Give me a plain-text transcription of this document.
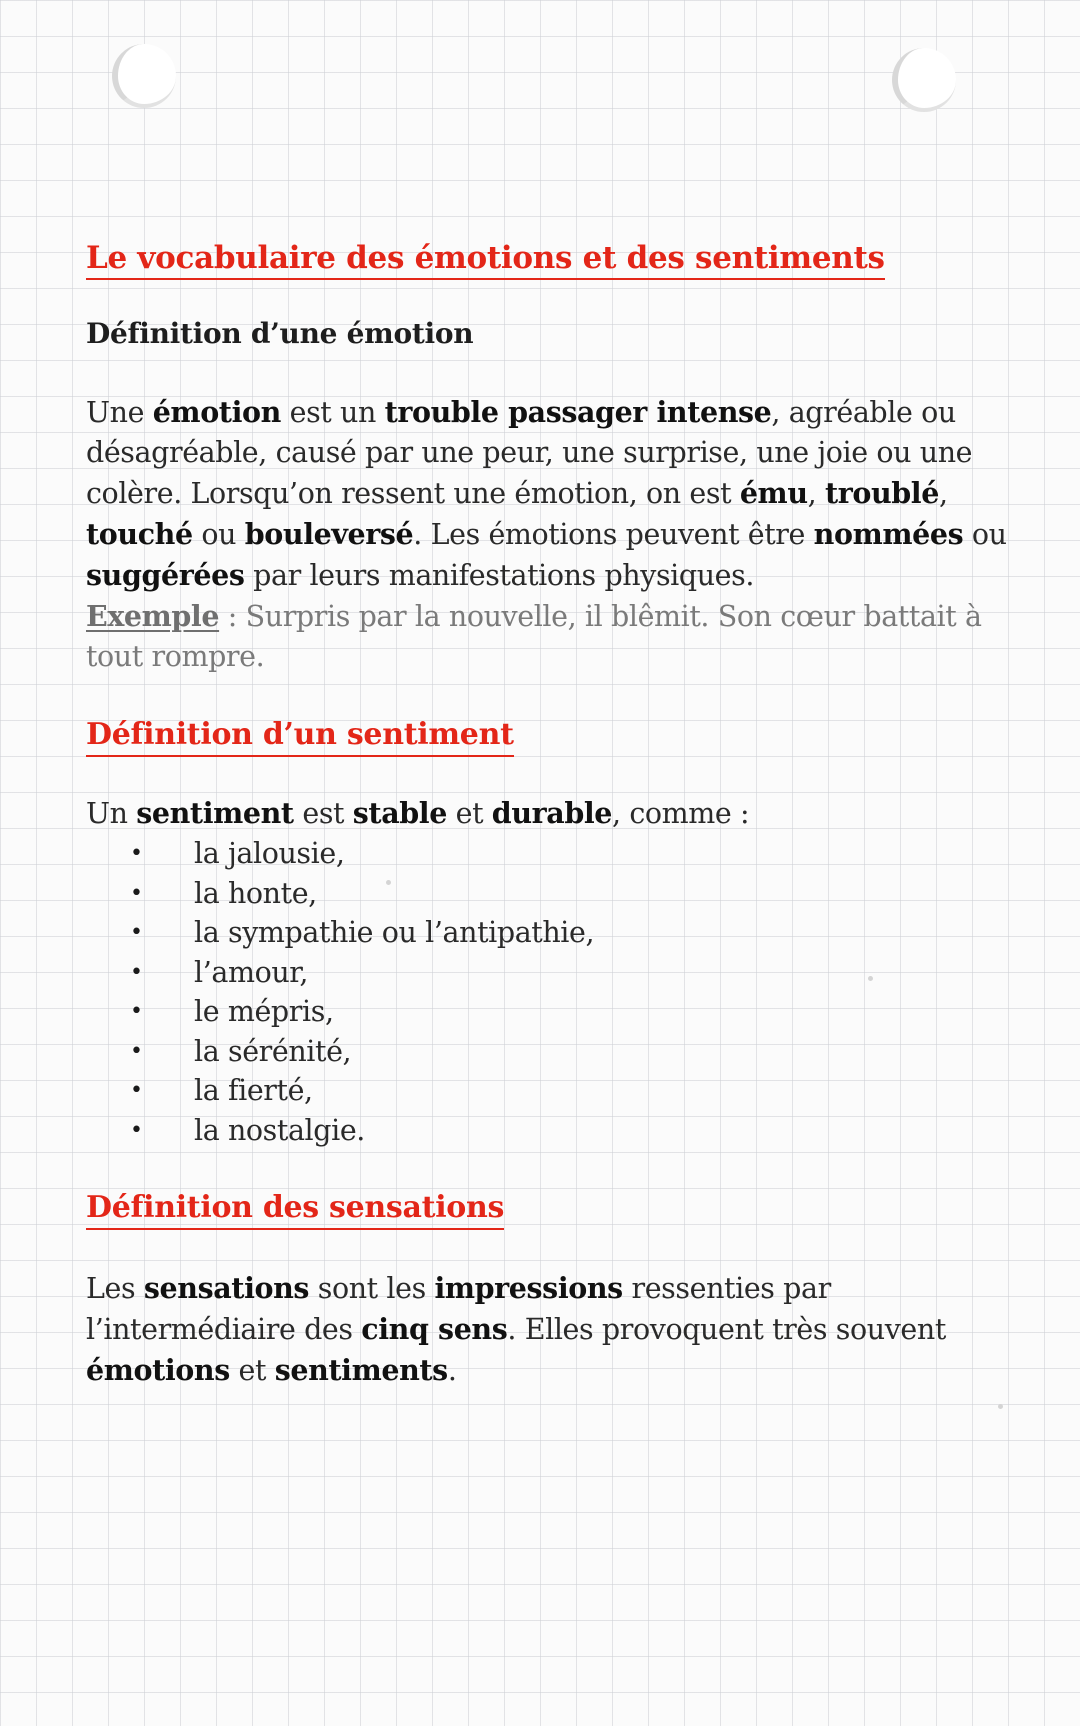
Le vocabulaire des émotions et des sentiments
Définition d’une émotion

Une émotion est un trouble passager intense, agréable ou désagréable, causé par une peur, une surprise, une joie ou une colère. Lorsqu’on ressent une émotion, on est ému, troublé, touché ou bouleversé. Les émotions peuvent être nommées ou suggérées par leurs manifestations physiques.

Exemple : Surpris par la nouvelle, il blêmit. Son cœur battait à tout rompre.

Définition d’un sentiment

Un sentiment est stable et durable, comme :

• la jalousie,
• la honte,
• la sympathie ou l’antipathie,
• l’amour,
• le mépris,
• la sérénité,
• la fierté,
• la nostalgie.
Définition des sensations

Les sensations sont les impressions ressenties par l’intermédiaire des cinq sens. Elles provoquent très souvent émotions et sentiments.
